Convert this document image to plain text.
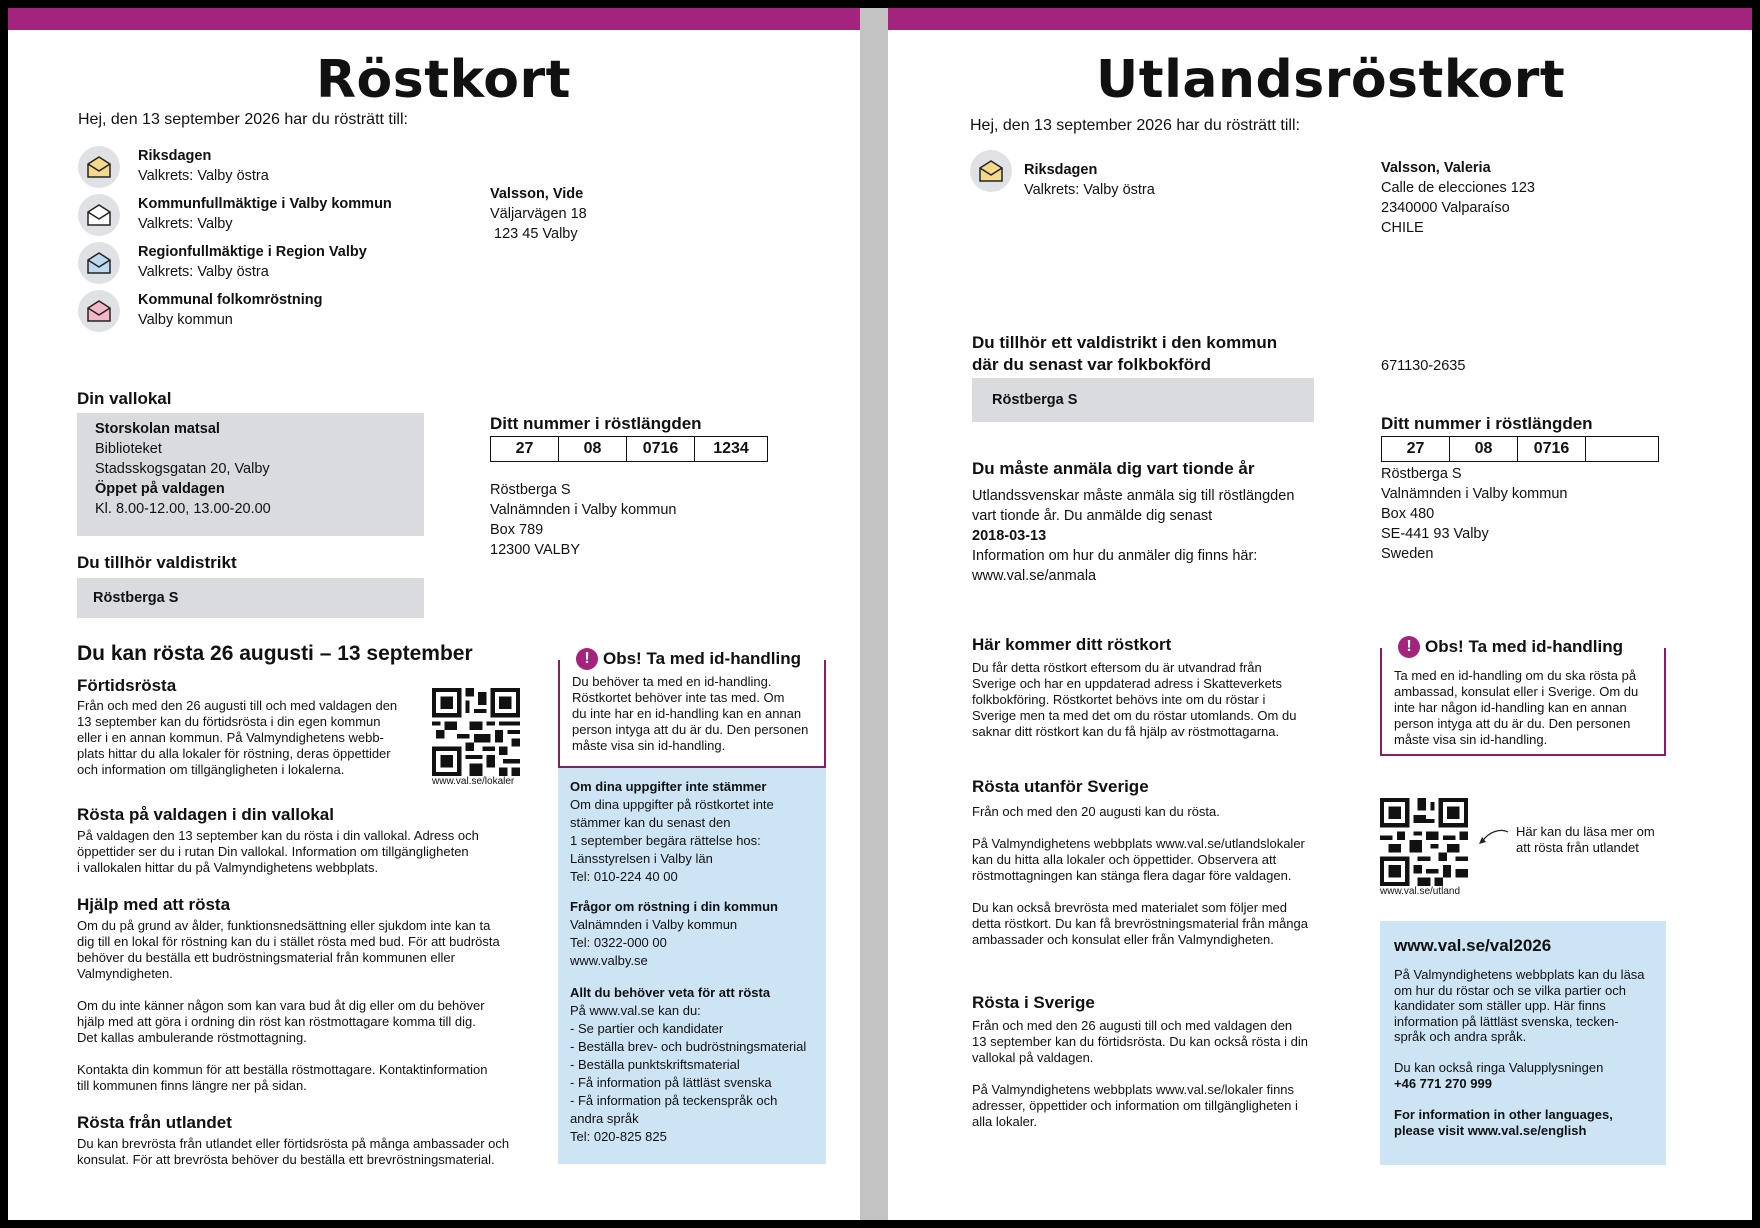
Röstkort
Hej, den 13 september 2026 har du rösträtt till:
Riksdagen
Valkrets: Valby östra
Kommunfullmäktige i Valby kommun
Valkrets: Valby
Regionfullmäktige i Region Valby
Valkrets: Valby östra
Kommunal folkomröstning
Valby kommun
Valsson, Vide
Väljarvägen 18
123 45 Valby
Din vallokal
Storskolan matsal
Biblioteket
Stadsskogsgatan 20, Valby
Öppet på valdagen
Kl. 8.00-12.00, 13.00-20.00
Ditt nummer i röstlängden
27	08	0716	1234
Röstberga S
Valnämnden i Valby kommun
Box 789
12300 VALBY
Du tillhör valdistrikt
Röstberga S
Du kan rösta 26 augusti – 13 september
Förtidsrösta
Från och med den 26 augusti till och med valdagen den
13 september kan du förtidsrösta i din egen kommun
eller i en annan kommun. På Valmyndighetens webb-
plats hittar du alla lokaler för röstning, deras öppettider
och information om tillgängligheten i lokalerna.
www.val.se/lokaler
Rösta på valdagen i din vallokal
På valdagen den 13 september kan du rösta i din vallokal. Adress och
öppettider ser du i rutan Din vallokal. Information om tillgängligheten
i vallokalen hittar du på Valmyndighetens webbplats.
Hjälp med att rösta
Om du på grund av ålder, funktionsnedsättning eller sjukdom inte kan ta
dig till en lokal för röstning kan du i stället rösta med bud. För att budrösta
behöver du beställa ett budröstningsmaterial från kommunen eller
Valmyndigheten.

Om du inte känner någon som kan vara bud åt dig eller om du behöver
hjälp med att göra i ordning din röst kan röstmottagare komma till dig.
Det kallas ambulerande röstmottagning.

Kontakta din kommun för att beställa röstmottagare. Kontaktinformation
till kommunen finns längre ner på sidan.
Rösta från utlandet
Du kan brevrösta från utlandet eller förtidsrösta på många ambassader och
konsulat. För att brevrösta behöver du beställa ett brevröstningsmaterial.
! Obs! Ta med id-handling
Du behöver ta med en id-handling.
Röstkortet behöver inte tas med. Om
du inte har en id-handling kan en annan
person intyga att du är du. Den personen
måste visa sin id-handling.
Om dina uppgifter inte stämmer
Om dina uppgifter på röstkortet inte
stämmer kan du senast den
1 september begära rättelse hos:
Länsstyrelsen i Valby län
Tel: 010-224 40 00
Frågor om röstning i din kommun
Valnämnden i Valby kommun
Tel: 0322-000 00
www.valby.se
Allt du behöver veta för att rösta
På www.val.se kan du:
- Se partier och kandidater
- Beställa brev- och budröstningsmaterial
- Beställa punktskriftsmaterial
- Få information på lättläst svenska
- Få information på teckenspråk och
andra språk
Tel: 020-825 825
Utlandsröstkort
Hej, den 13 september 2026 har du rösträtt till:
Riksdagen
Valkrets: Valby östra
Valsson, Valeria
Calle de elecciones 123
2340000 Valparaíso
CHILE
Du tillhör ett valdistrikt i den kommun
där du senast var folkbokförd
Röstberga S
671130-2635
Ditt nummer i röstlängden
27	08	0716
Röstberga S
Valnämnden i Valby kommun
Box 480
SE-441 93 Valby
Sweden
Du måste anmäla dig vart tionde år
Utlandssvenskar måste anmäla sig till röstlängden
vart tionde år. Du anmälde dig senast
2018-03-13
Information om hur du anmäler dig finns här:
www.val.se/anmala
Här kommer ditt röstkort
Du får detta röstkort eftersom du är utvandrad från
Sverige och har en uppdaterad adress i Skatteverkets
folkbokföring. Röstkortet behövs inte om du röstar i
Sverige men ta med det om du röstar utomlands. Om du
saknar ditt röstkort kan du få hjälp av röstmottagarna.
Rösta utanför Sverige
Från och med den 20 augusti kan du rösta.

På Valmyndighetens webbplats www.val.se/utlandslokaler
kan du hitta alla lokaler och öppettider. Observera att
röstmottagningen kan stänga flera dagar före valdagen.

Du kan också brevrösta med materialet som följer med
detta röstkort. Du kan få brevröstningsmaterial från många
ambassader och konsulat eller från Valmyndigheten.
Rösta i Sverige
Från och med den 26 augusti till och med valdagen den
13 september kan du förtidsrösta. Du kan också rösta i din
vallokal på valdagen.

På Valmyndighetens webbplats www.val.se/lokaler finns
adresser, öppettider och information om tillgängligheten i
alla lokaler.
! Obs! Ta med id-handling
Ta med en id-handling om du ska rösta på
ambassad, konsulat eller i Sverige. Om du
inte har någon id-handling kan en annan
person intyga att du är du. Den personen
måste visa sin id-handling.
www.val.se/utland
Här kan du läsa mer om
att rösta från utlandet
www.val.se/val2026
På Valmyndighetens webbplats kan du läsa
om hur du röstar och se vilka partier och
kandidater som ställer upp. Här finns
information på lättläst svenska, tecken-
språk och andra språk.

Du kan också ringa Valupplysningen
+46 771 270 999
For information in other languages,
please visit www.val.se/english
